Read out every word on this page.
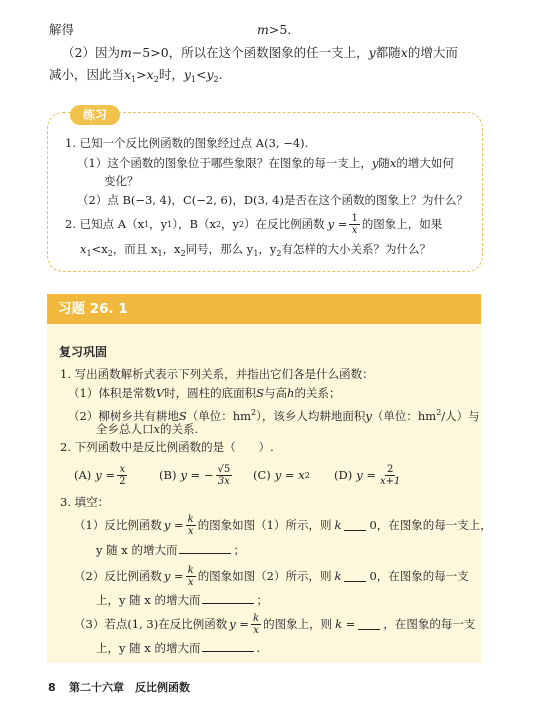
解得	m>5.
（2）因为m−5>0，所以在这个函数图象的任一支上，y都随x的增大而
减小，因此当$x_1>x_2$时，$y_1<y_2$.
练习
1. 已知一个反比例函数的图象经过点 A(3, −4).
（1）这个函数的图象位于哪些象限？在图象的每一支上，y随x的增大如何
变化？
（2）点 B(−3, 4)，C(−2, 6)，D(3, 4)是否在这个函数的图象上？为什么？
2. 已知点 A（x 1 ，y 1 ），B（x 2 ，y 2 ）在反比例函数 $y = \frac{1}{x}$ 的图象上，如果
$x_1<x_2$，而且 $x_1$，$x_2$同号，那么 $y_1$，$y_2$有怎样的大小关系？为什么？
习题 26. 1
复习巩固
1. 写出函数解析式表示下列关系，并指出它们各是什么函数：
（1）体积是常数V时，圆柱的底面积S与高h的关系；
（2）柳树乡共有耕地S（单位：$hm^2$），该乡人均耕地面积y（单位：$hm^2/$人）与
全乡总人口x的关系.
2. 下列函数中是反比例函数的是（　　）.
(A) $y = \frac{x}{2}$	(B) y = − $\frac{√5}{3x} (C) y = x$ 2 (D) $y = \frac{2}{x+1}$
3. 填空：
（1）反比例函数 $y = \frac{k}{x}$ 的图象如图（1）所示，则 k 0，在图象的每一支上，
y 随 x 的增大而	；
（2）反比例函数 $y = \frac{k}{x}$ 的图象如图（2）所示，则 k 0，在图象的每一支
上，y 随 x 的增大而	；
（3）若点(1, 3)在反比例函数 $y = \frac{k}{x}$ 的图象上，则 k = ，在图象的每一支
上，y 随 x 的增大而	.
8 第二十六章　反比例函数
